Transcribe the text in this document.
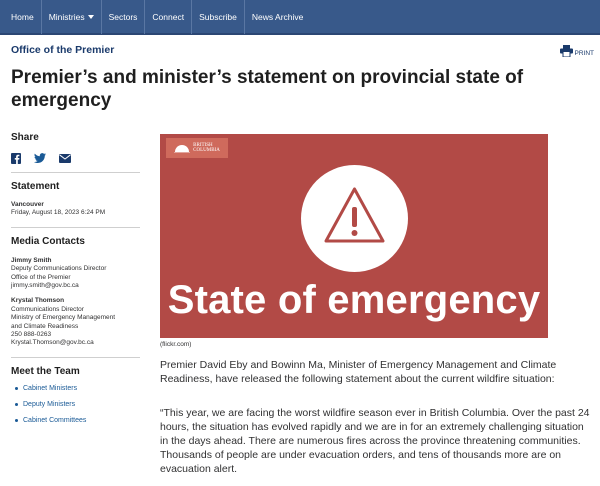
Home Ministries	Sectors Connect Subscribe News Archive
Office of the Premier	PRINT
Premier’s and minister’s statement on provincial state of emergency
Share
Statement
Vancouver
Friday, August 18, 2023 6:24 PM
Media Contacts
Jimmy Smith
Deputy Communications Director
Office of the Premier
jimmy.smith@gov.bc.ca
Krystal Thomson
Communications Director
Ministry of Emergency Management
and Climate Readiness
250 888-0263
Krystal.Thomson@gov.bc.ca
Meet the Team
Cabinet Ministers
Deputy Ministers
Cabinet Committees
BRITISH
COLUMBIA
State of emergency
(flickr.com)

Premier David Eby and Bowinn Ma, Minister of Emergency Management and Climate Readiness, have released the following statement about the current wildfire situation:

“This year, we are facing the worst wildfire season ever in British Columbia. Over the past 24 hours, the situation has evolved rapidly and we are in for an extremely challenging situation in the days ahead. There are numerous fires across the province threatening communities. Thousands of people are under evacuation orders, and tens of thousands more are on evacuation alert.
